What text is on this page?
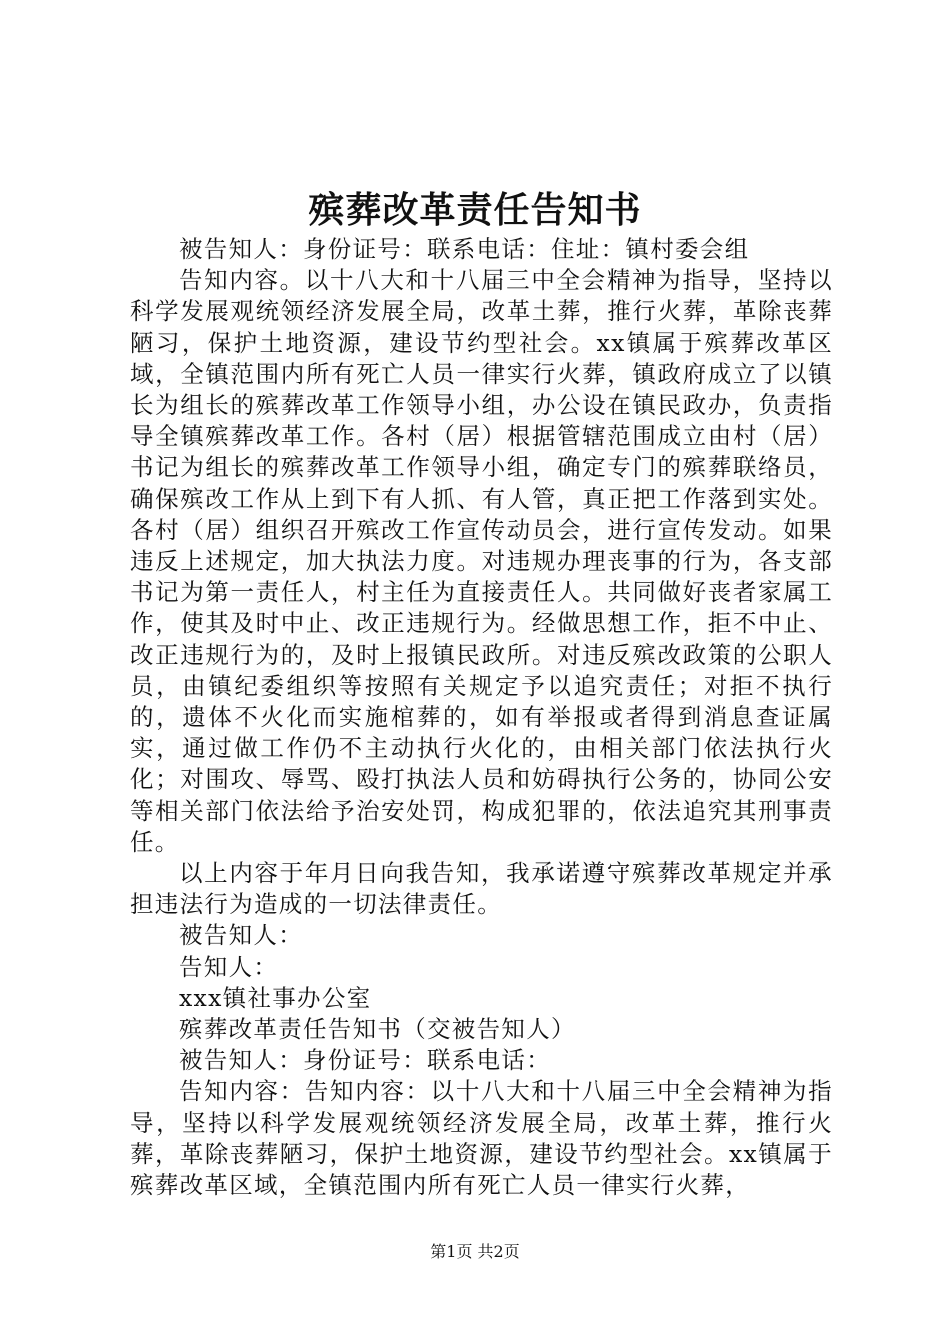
殡葬改革责任告知书

被告知人：身份证号：联系电话：住址：镇村委会组

告知内容。以十八大和十八届三中全会精神为指导，坚持以科学发展观统领经济发展全局，改革土葬，推行火葬，革除丧葬陋习，保护土地资源，建设节约型社会。xx镇属于殡葬改革区域，全镇范围内所有死亡人员一律实行火葬，镇政府成立了以镇长为组长的殡葬改革工作领导小组，办公设在镇民政办，负责指导全镇殡葬改革工作。各村（居）根据管辖范围成立由村（居）书记为组长的殡葬改革工作领导小组，确定专门的殡葬联络员，确保殡改工作从上到下有人抓、有人管，真正把工作落到实处。各村（居）组织召开殡改工作宣传动员会，进行宣传发动。如果违反上述规定，加大执法力度。对违规办理丧事的行为，各支部书记为第一责任人，村主任为直接责任人。共同做好丧者家属工作，使其及时中止、改正违规行为。经做思想工作，拒不中止、改正违规行为的，及时上报镇民政所。对违反殡改政策的公职人员，由镇纪委组织等按照有关规定予以追究责任；对拒不执行的，遗体不火化而实施棺葬的，如有举报或者得到消息查证属实，通过做工作仍不主动执行火化的，由相关部门依法执行火化；对围攻、辱骂、殴打执法人员和妨碍执行公务的，协同公安等相关部门依法给予治安处罚，构成犯罪的，依法追究其刑事责任。

以上内容于年月日向我告知，我承诺遵守殡葬改革规定并承担违法行为造成的一切法律责任。

被告知人：

告知人：

xxx镇社事办公室

殡葬改革责任告知书（交被告知人）

被告知人：身份证号：联系电话：

告知内容：告知内容：以十八大和十八届三中全会精神为指导，坚持以科学发展观统领经济发展全局，改革土葬，推行火葬，革除丧葬陋习，保护土地资源，建设节约型社会。xx镇属于殡葬改革区域，全镇范围内所有死亡人员一律实行火葬，

第1页 共2页
